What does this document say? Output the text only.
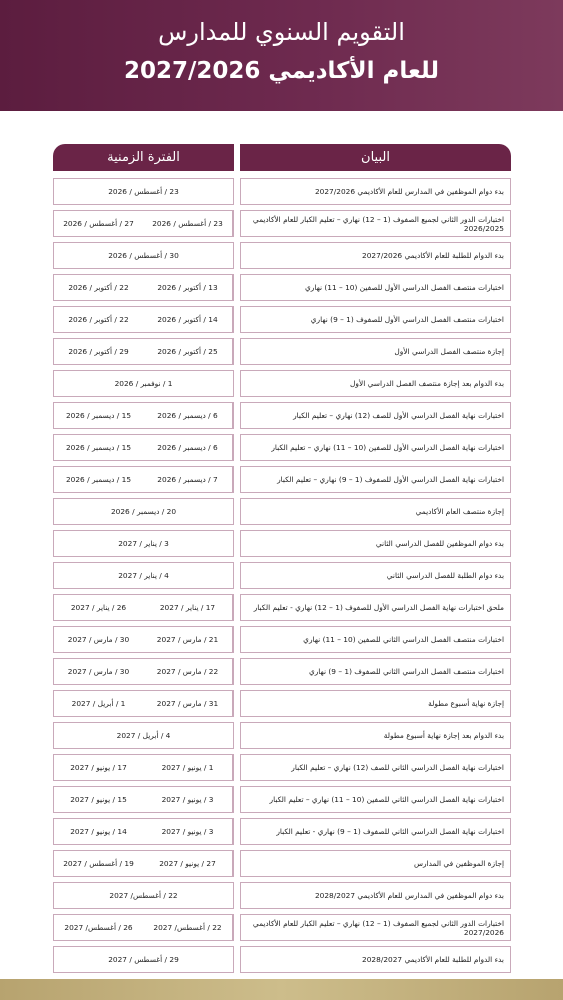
التقويم السنوي للمدارس
للعام الأكاديمي 2027/2026
البيان
الفترة الزمنية
بدء دوام الموظفين في المدارس للعام الأكاديمي 2027/2026
23 / أغسطس / 2026
اختبارات الدور الثاني لجميع الصفوف (1 – 12) نهاري – تعليم الكبار للعام الأكاديمي 2026/2025
23 / أغسطس / 2026
27 / أغسطس / 2026
بدء الدوام للطلبة للعام الأكاديمي 2027/2026
30 / أغسطس / 2026
اختبارات منتصف الفصل الدراسي الأول للصفين (10 – 11) نهاري
13 / أكتوبر / 2026
22 / أكتوبر / 2026
اختبارات منتصف الفصل الدراسي الأول للصفوف (1 – 9) نهاري
14 / أكتوبر / 2026
22 / أكتوبر / 2026
إجازة منتصف الفصل الدراسي الأول
25 / أكتوبر / 2026
29 / أكتوبر / 2026
بدء الدوام بعد إجازة منتصف الفصل الدراسي الأول
1 / نوفمبر / 2026
اختبارات نهاية الفصل الدراسي الأول للصف (12) نهاري – تعليم الكبار
6 / ديسمبر / 2026
15 / ديسمبر / 2026
اختبارات نهاية الفصل الدراسي الأول للصفين (10 – 11) نهاري – تعليم الكبار
6 / ديسمبر / 2026
15 / ديسمبر / 2026
اختبارات نهاية الفصل الدراسي الأول للصفوف (1 – 9) نهاري – تعليم الكبار
7 / ديسمبر / 2026
15 / ديسمبر / 2026
إجازة منتصف العام الأكاديمي
20 / ديسمبر / 2026
بدء دوام الموظفين للفصل الدراسي الثاني
3 / يناير / 2027
بدء دوام الطلبة للفصل الدراسي الثاني
4 / يناير / 2027
ملحق اختبارات نهاية الفصل الدراسي الأول للصفوف (1 – 12) نهاري - تعليم الكبار
17 / يناير / 2027
26 / يناير / 2027
اختبارات منتصف الفصل الدراسي الثاني للصفين (10 – 11) نهاري
21 / مارس / 2027
30 / مارس / 2027
اختبارات منتصف الفصل الدراسي الثاني للصفوف (1 – 9) نهاري
22 / مارس / 2027
30 / مارس / 2027
إجازة نهاية أسبوع مطولة
31 / مارس / 2027
1 / أبريل / 2027
بدء الدوام بعد إجازة نهاية أسبوع مطولة
4 / أبريل / 2027
اختبارات نهاية الفصل الدراسي الثاني للصف (12) نهاري – تعليم الكبار
1 / يونيو / 2027
17 / يونيو / 2027
اختبارات نهاية الفصل الدراسي الثاني للصفين (10 – 11) نهاري – تعليم الكبار
3 / يونيو / 2027
15 / يونيو / 2027
اختبارات نهاية الفصل الدراسي الثاني للصفوف (1 – 9) نهاري - تعليم الكبار
3 / يونيو / 2027
14 / يونيو / 2027
إجازة الموظفين في المدارس
27 / يونيو / 2027
19 / أغسطس / 2027
بدء دوام الموظفين في المدارس للعام الأكاديمي 2028/2027
22 / أغسطس/ 2027
اختبارات الدور الثاني لجميع الصفوف (1 – 12) نهاري – تعليم الكبار للعام الأكاديمي 2027/2026
22 / أغسطس/ 2027
26 / أغسطس/ 2027
بدء الدوام للطلبة للعام الأكاديمي 2028/2027
29 / أغسطس / 2027
